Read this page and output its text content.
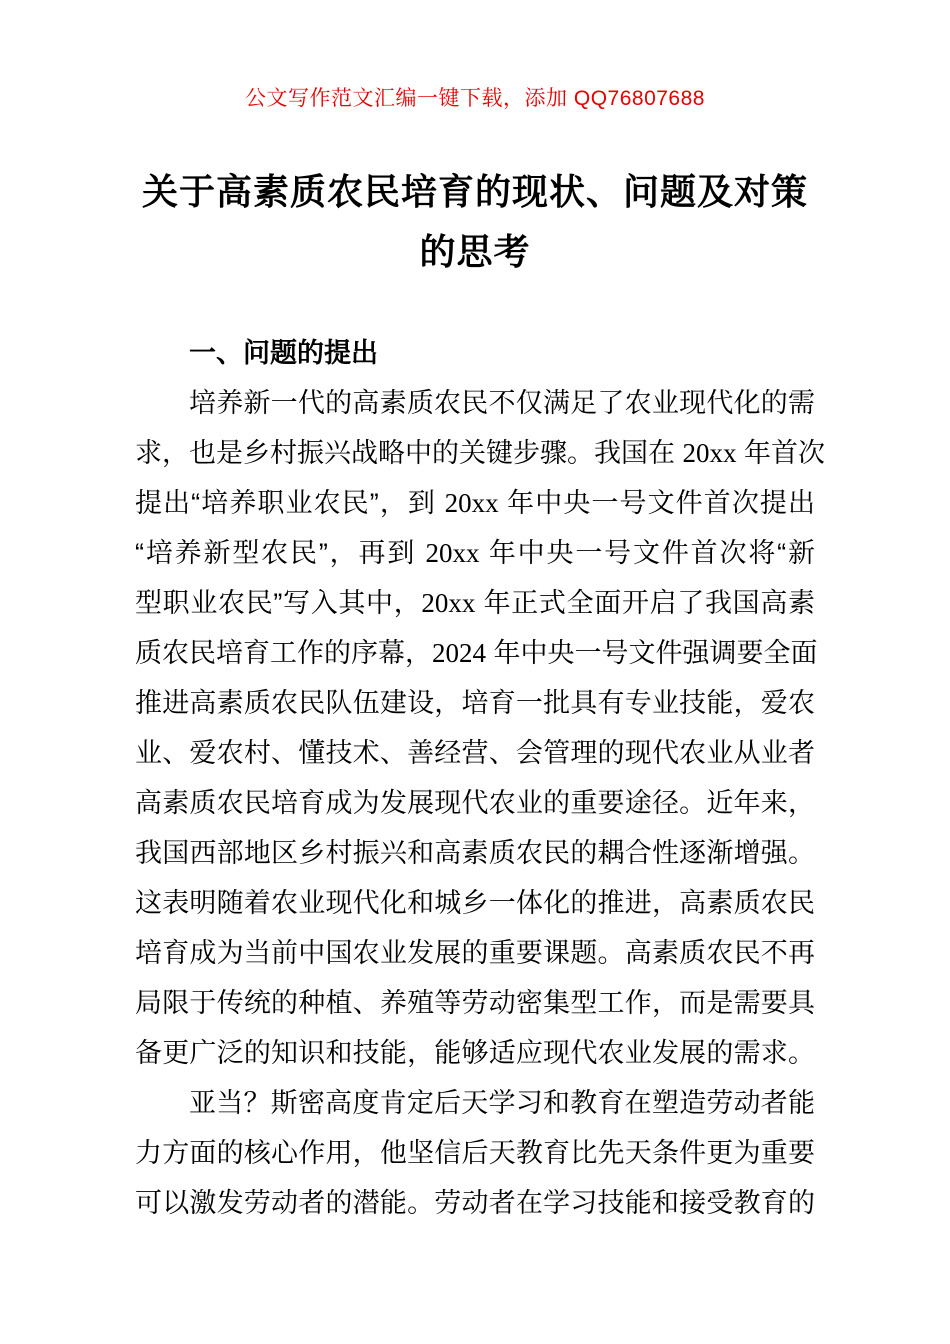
公文写作范文汇编一键下载，添加 QQ76807688
关于高素质农民培育的现状、问题及对策
的思考
一、问题的提出
培养新一代的高素质农民不仅满足了农业现代化的需
求，也是乡村振兴战略中的关键步骤。我国在 20xx 年首次
提出“培养职业农民”，到 20xx 年中央一号文件首次提出
“培养新型农民”，再到 20xx 年中央一号文件首次将“新
型职业农民”写入其中，20xx 年正式全面开启了我国高素
质农民培育工作的序幕，2024 年中央一号文件强调要全面
推进高素质农民队伍建设，培育一批具有专业技能，爱农
业、爱农村、懂技术、善经营、会管理的现代农业从业者
高素质农民培育成为发展现代农业的重要途径。近年来，
我国西部地区乡村振兴和高素质农民的耦合性逐渐增强。
这表明随着农业现代化和城乡一体化的推进，高素质农民
培育成为当前中国农业发展的重要课题。高素质农民不再
局限于传统的种植、养殖等劳动密集型工作，而是需要具
备更广泛的知识和技能，能够适应现代农业发展的需求。
亚当？斯密高度肯定后天学习和教育在塑造劳动者能
力方面的核心作用，他坚信后天教育比先天条件更为重要
可以激发劳动者的潜能。劳动者在学习技能和接受教育的
